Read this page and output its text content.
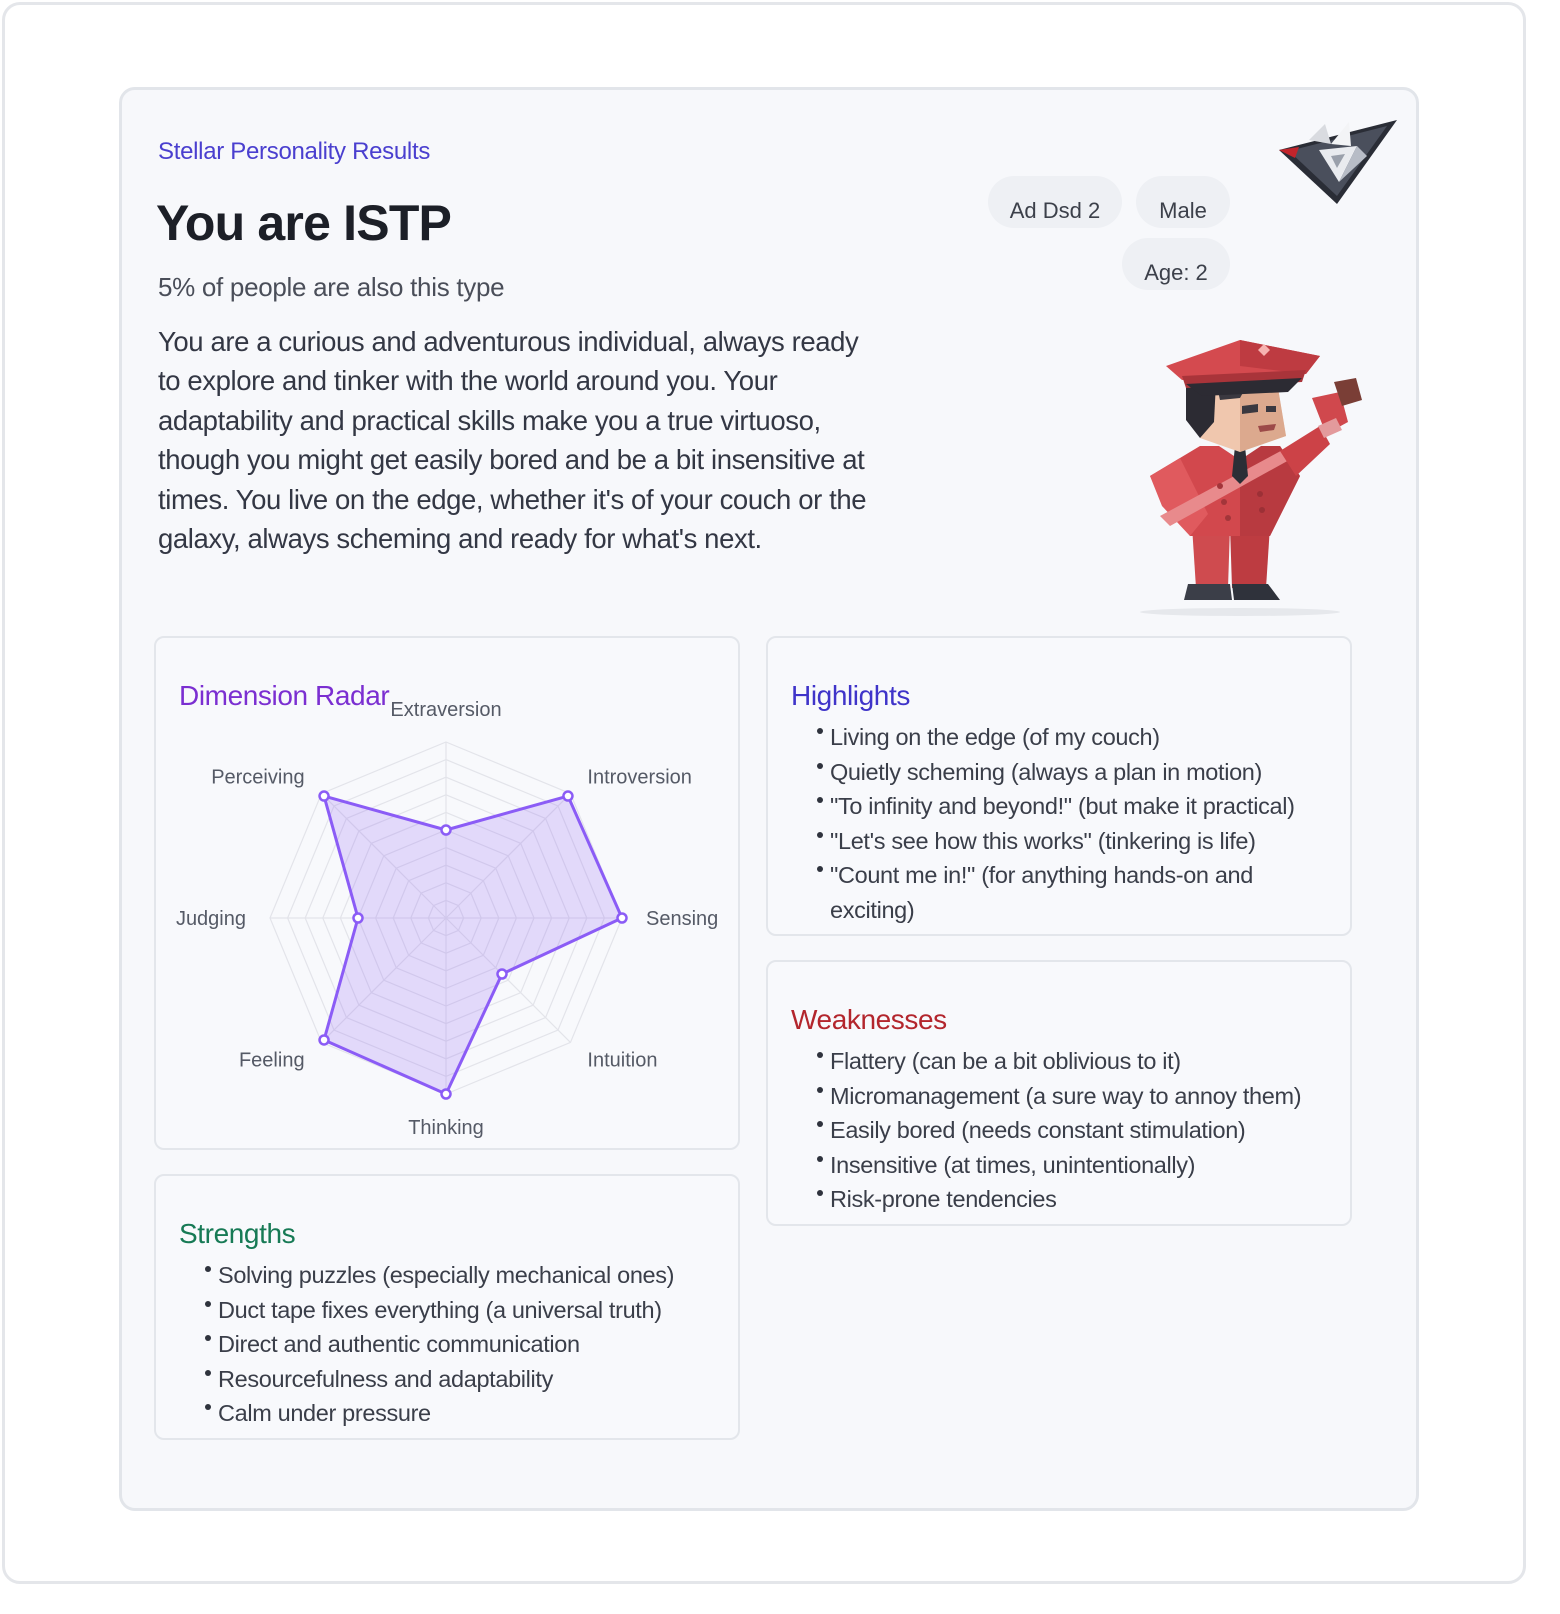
Stellar Personality Results
You are ISTP
5% of people are also this type
You are a curious and adventurous individual, always ready to explore and tinker with the world around you. Your adaptability and practical skills make you a true virtuoso, though you might get easily bored and be a bit insensitive at times. You live on the edge, whether it's of your couch or the galaxy, always scheming and ready for what's next.
Ad Dsd 2	Male
Age: 2
Dimension Radar Extraversion
Introversion
Sensing
Intuition
Thinking
Feeling
Judging
Perceiving
Highlights
Living on the edge (of my couch)
Quietly scheming (always a plan in motion)
"To infinity and beyond!" (but make it practical)
"Let's see how this works" (tinkering is life)
"Count me in!" (for anything hands-on and exciting)
Weaknesses
Flattery (can be a bit oblivious to it)
Micromanagement (a sure way to annoy them)
Easily bored (needs constant stimulation)
Insensitive (at times, unintentionally)
Risk-prone tendencies
Strengths
Solving puzzles (especially mechanical ones)
Duct tape fixes everything (a universal truth)
Direct and authentic communication
Resourcefulness and adaptability
Calm under pressure
